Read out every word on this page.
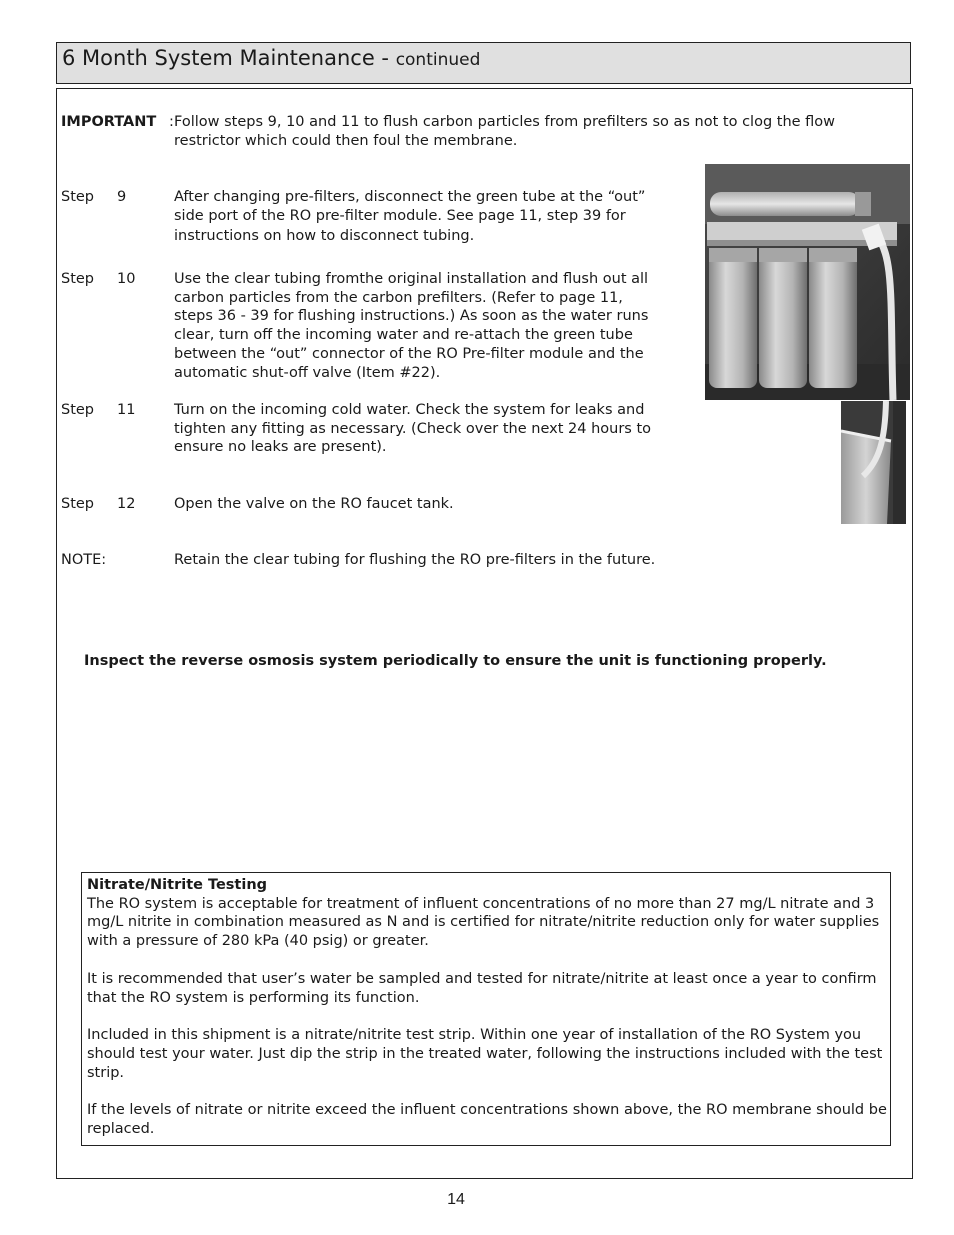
6 Month System Maintenance - continued
IMPORTANT : Follow steps 9, 10 and 11 to flush carbon particles from prefilters so as not to clog the flow
restrictor which could then foul the membrane.
Step 9	After changing pre-filters, disconnect the green tube at the “out”
side port of the RO pre-filter module. See page 11, step 39 for
instructions on how to disconnect tubing.
Step 10	Use the clear tubing fromthe original installation and flush out all
carbon particles from the carbon prefilters. (Refer to page 11,
steps 36 - 39 for flushing instructions.) As soon as the water runs
clear, turn off the incoming water and re-attach the green tube
between the “out” connector of the RO Pre-filter module and the
automatic shut-off valve (Item #22).
Step 11	Turn on the incoming cold water. Check the system for leaks and
tighten any fitting as necessary. (Check over the next 24 hours to
ensure no leaks are present).
Step 12	Open the valve on the RO faucet tank.
NOTE:	Retain the clear tubing for flushing the RO pre-filters in the future.
Inspect the reverse osmosis system periodically to ensure the unit is functioning properly.
Nitrate/Nitrite Testing

The RO system is acceptable for treatment of influent concentrations of no more than 27 mg/L nitrate and 3 mg/L nitrite in combination measured as N and is certified for nitrate/nitrite reduction only for water supplies with a pressure of 280 kPa (40 psig) or greater.

It is recommended that user’s water be sampled and tested for nitrate/nitrite at least once a year to confirm that the RO system is performing its function.

Included in this shipment is a nitrate/nitrite test strip. Within one year of installation of the RO System you should test your water. Just dip the strip in the treated water, following the instructions included with the test strip.

If the levels of nitrate or nitrite exceed the influent concentrations shown above, the RO membrane should be replaced.

14
